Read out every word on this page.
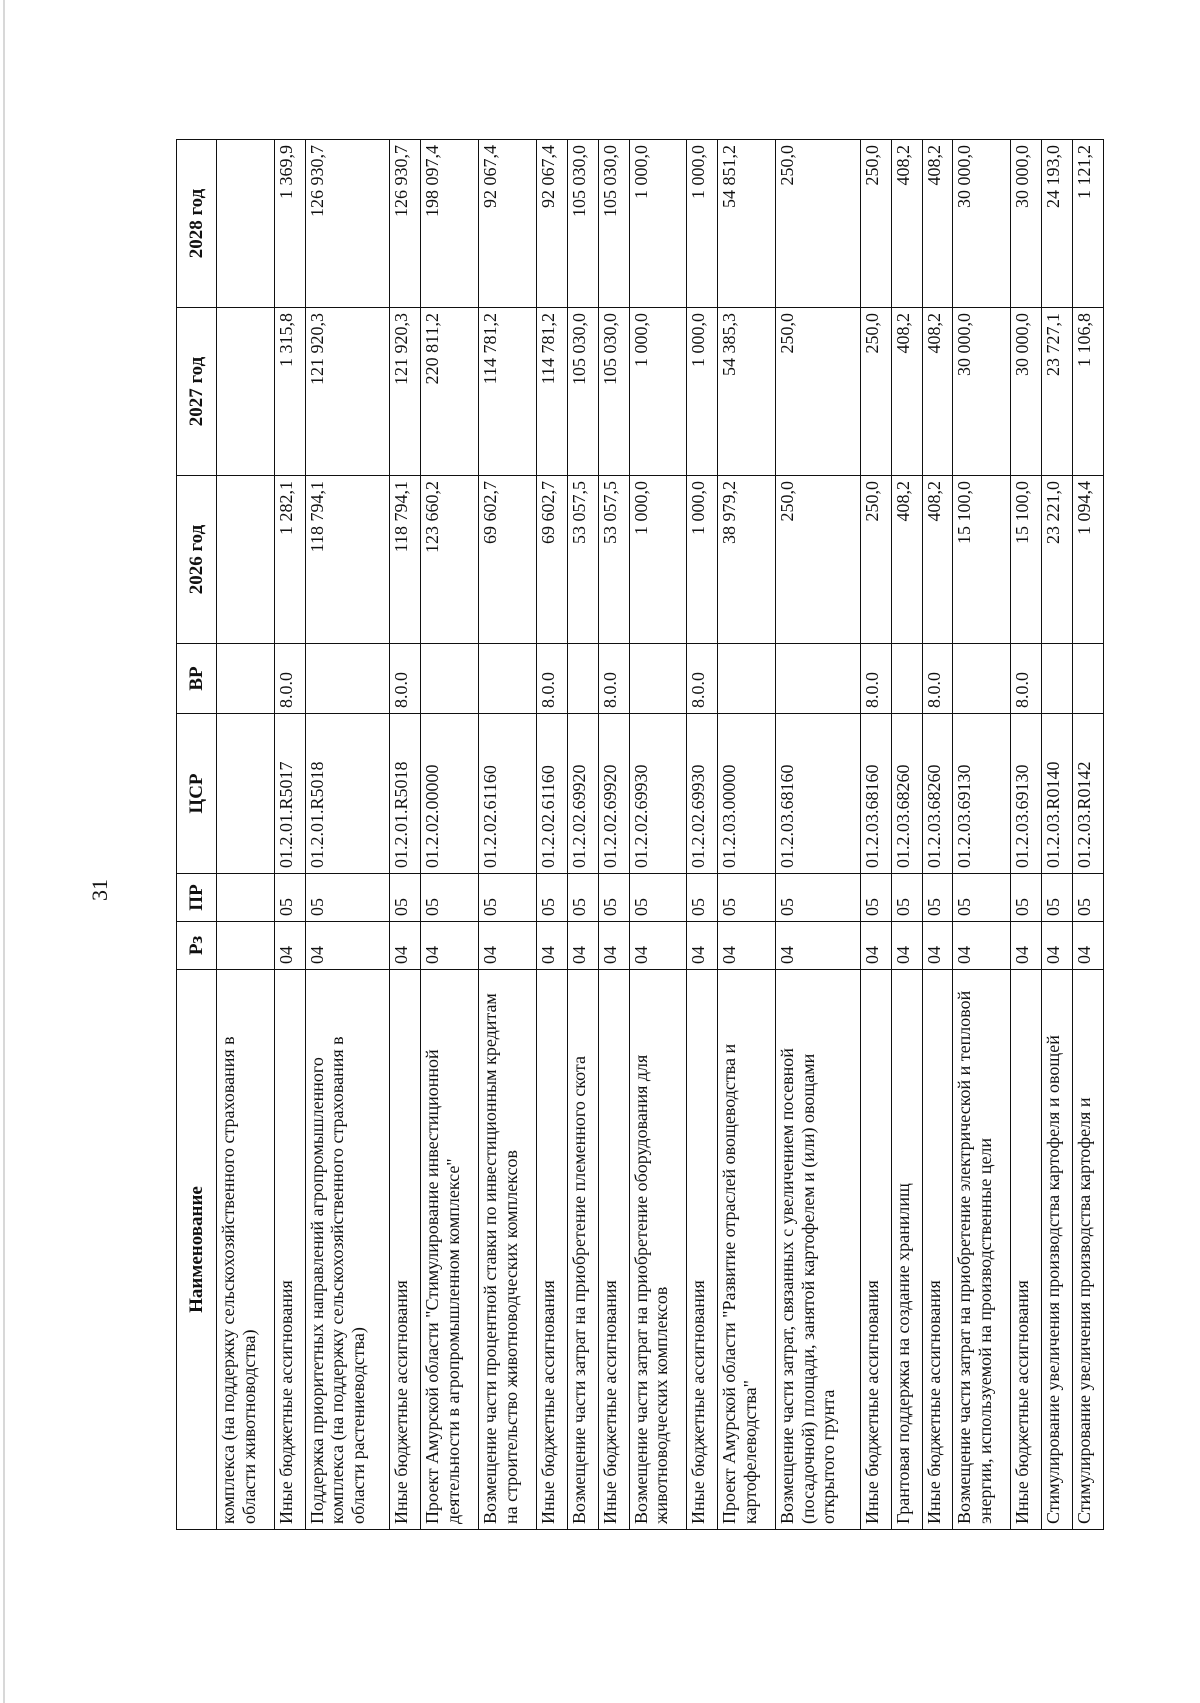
31
Наименование	Рз	ПР	ЦСР	ВР	2026 год	2027 год	2028 год
комплекса (на поддержку сельскохозяйственного страхования в области животноводства)							
Иные бюджетные ассигнования	04	05	01.2.01.R5017	8.0.0	1 282,1	1 315,8	1 369,9
Поддержка приоритетных направлений агропромышленного комплекса (на поддержку сельскохозяйственного страхования в области растениеводства)	04	05	01.2.01.R5018		118 794,1	121 920,3	126 930,7
Иные бюджетные ассигнования	04	05	01.2.01.R5018	8.0.0	118 794,1	121 920,3	126 930,7
Проект Амурской области "Стимулирование инвестиционной деятельности в агропромышленном комплексе"	04	05	01.2.02.00000		123 660,2	220 811,2	198 097,4
Возмещение части процентной ставки по инвестиционным кредитам на строительство животноводческих комплексов	04	05	01.2.02.61160		69 602,7	114 781,2	92 067,4
Иные бюджетные ассигнования	04	05	01.2.02.61160	8.0.0	69 602,7	114 781,2	92 067,4
Возмещение части затрат на приобретение племенного скота	04	05	01.2.02.69920		53 057,5	105 030,0	105 030,0
Иные бюджетные ассигнования	04	05	01.2.02.69920	8.0.0	53 057,5	105 030,0	105 030,0
Возмещение части затрат на приобретение оборудования для животноводческих комплексов	04	05	01.2.02.69930		1 000,0	1 000,0	1 000,0
Иные бюджетные ассигнования	04	05	01.2.02.69930	8.0.0	1 000,0	1 000,0	1 000,0
Проект Амурской области "Развитие отраслей овощеводства и картофелеводства"	04	05	01.2.03.00000		38 979,2	54 385,3	54 851,2
Возмещение части затрат, связанных с увеличением посевной (посадочной) площади, занятой картофелем и (или) овощами открытого грунта	04	05	01.2.03.68160		250,0	250,0	250,0
Иные бюджетные ассигнования	04	05	01.2.03.68160	8.0.0	250,0	250,0	250,0
Грантовая поддержка на создание хранилищ	04	05	01.2.03.68260		408,2	408,2	408,2
Иные бюджетные ассигнования	04	05	01.2.03.68260	8.0.0	408,2	408,2	408,2
Возмещение части затрат на приобретение электрической и тепловой энергии, используемой на производственные цели	04	05	01.2.03.69130		15 100,0	30 000,0	30 000,0
Иные бюджетные ассигнования	04	05	01.2.03.69130	8.0.0	15 100,0	30 000,0	30 000,0
Стимулирование увеличения производства картофеля и овощей	04	05	01.2.03.R0140		23 221,0	23 727,1	24 193,0
Стимулирование увеличения производства картофеля и	04	05	01.2.03.R0142		1 094,4	1 106,8	1 121,2
